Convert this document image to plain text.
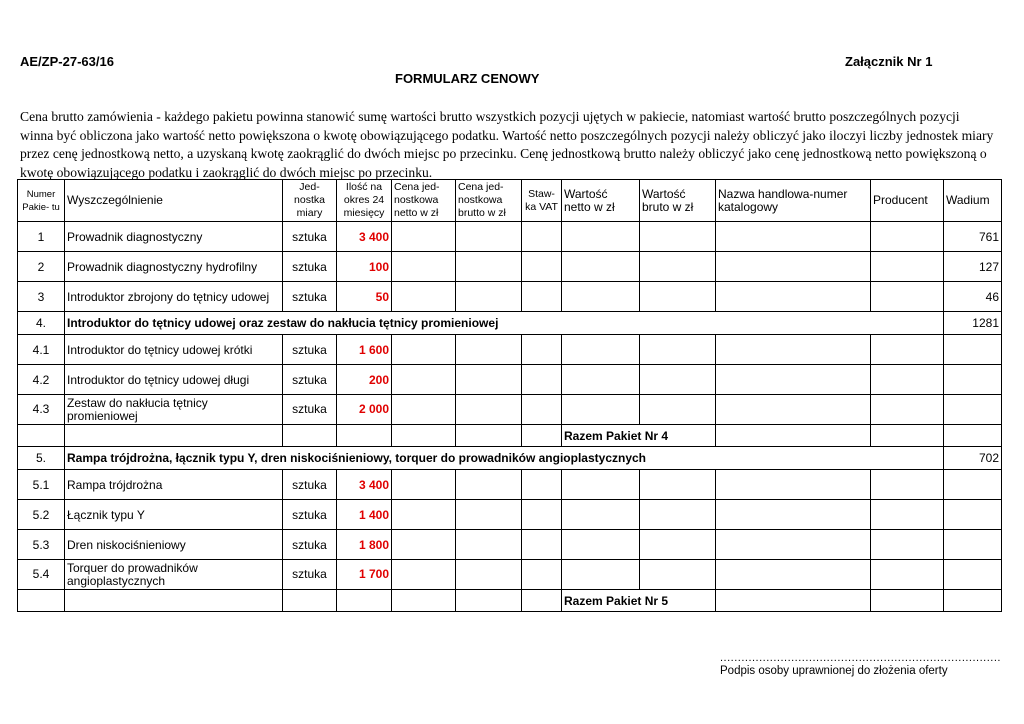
AE/ZP-27-63/16	Załącznik Nr 1
FORMULARZ CENOWY

Cena brutto zamówienia - każdego pakietu powinna stanowić sumę wartości brutto wszystkich pozycji ujętych w pakiecie, natomiast wartość brutto poszczególnych pozycji winna być obliczona jako wartość netto powiększona o kwotę obowiązującego podatku. Wartość netto poszczególnych pozycji należy obliczyć jako iloczyi liczby jednostek miary przez cenę jednostkową netto, a uzyskaną kwotę zaokrąglić do dwóch miejsc po przecinku. Cenę jednostkową brutto należy obliczyć jako cenę jednostkową netto powiększoną o kwotę obowiązującego podatku i zaokrąglić do dwóch miejsc po przecinku.

Numer Pakie- tu	Wyszczególnienie	Jed- nostka miary	Ilość na okres 24 miesięcy	Cena jed- nostkowa netto w zł	Cena jed- nostkowa brutto w zł	Staw- ka VAT	Wartość netto w zł	Wartość bruto w zł	Nazwa handlowa-numer katalogowy	Producent	Wadium
1	Prowadnik diagnostyczny	sztuka	3 400								761
2	Prowadnik diagnostyczny hydrofilny	sztuka	100								127
3	Introduktor zbrojony do tętnicy udowej	sztuka	50								46
4.	Introduktor do tętnicy udowej oraz zestaw do nakłucia tętnicy promieniowej										1281
4.1	Introduktor do tętnicy udowej krótki	sztuka	1 600								
4.2	Introduktor do tętnicy udowej długi	sztuka	200								
4.3	Zestaw do nakłucia tętnicy promieniowej	sztuka	2 000								
							Razem Pakiet Nr 4				
5.	Rampa trójdrożna, łącznik typu Y, dren niskociśnieniowy, torquer do prowadników angioplastycznych										702
5.1	Rampa trójdrożna	sztuka	3 400								
5.2	Łącznik typu Y	sztuka	1 400								
5.3	Dren niskociśnieniowy	sztuka	1 800								
5.4	Torquer do prowadników angioplastycznych	sztuka	1 700								
							Razem Pakiet Nr 5				
...............................................................................
Podpis osoby uprawnionej do złożenia oferty
